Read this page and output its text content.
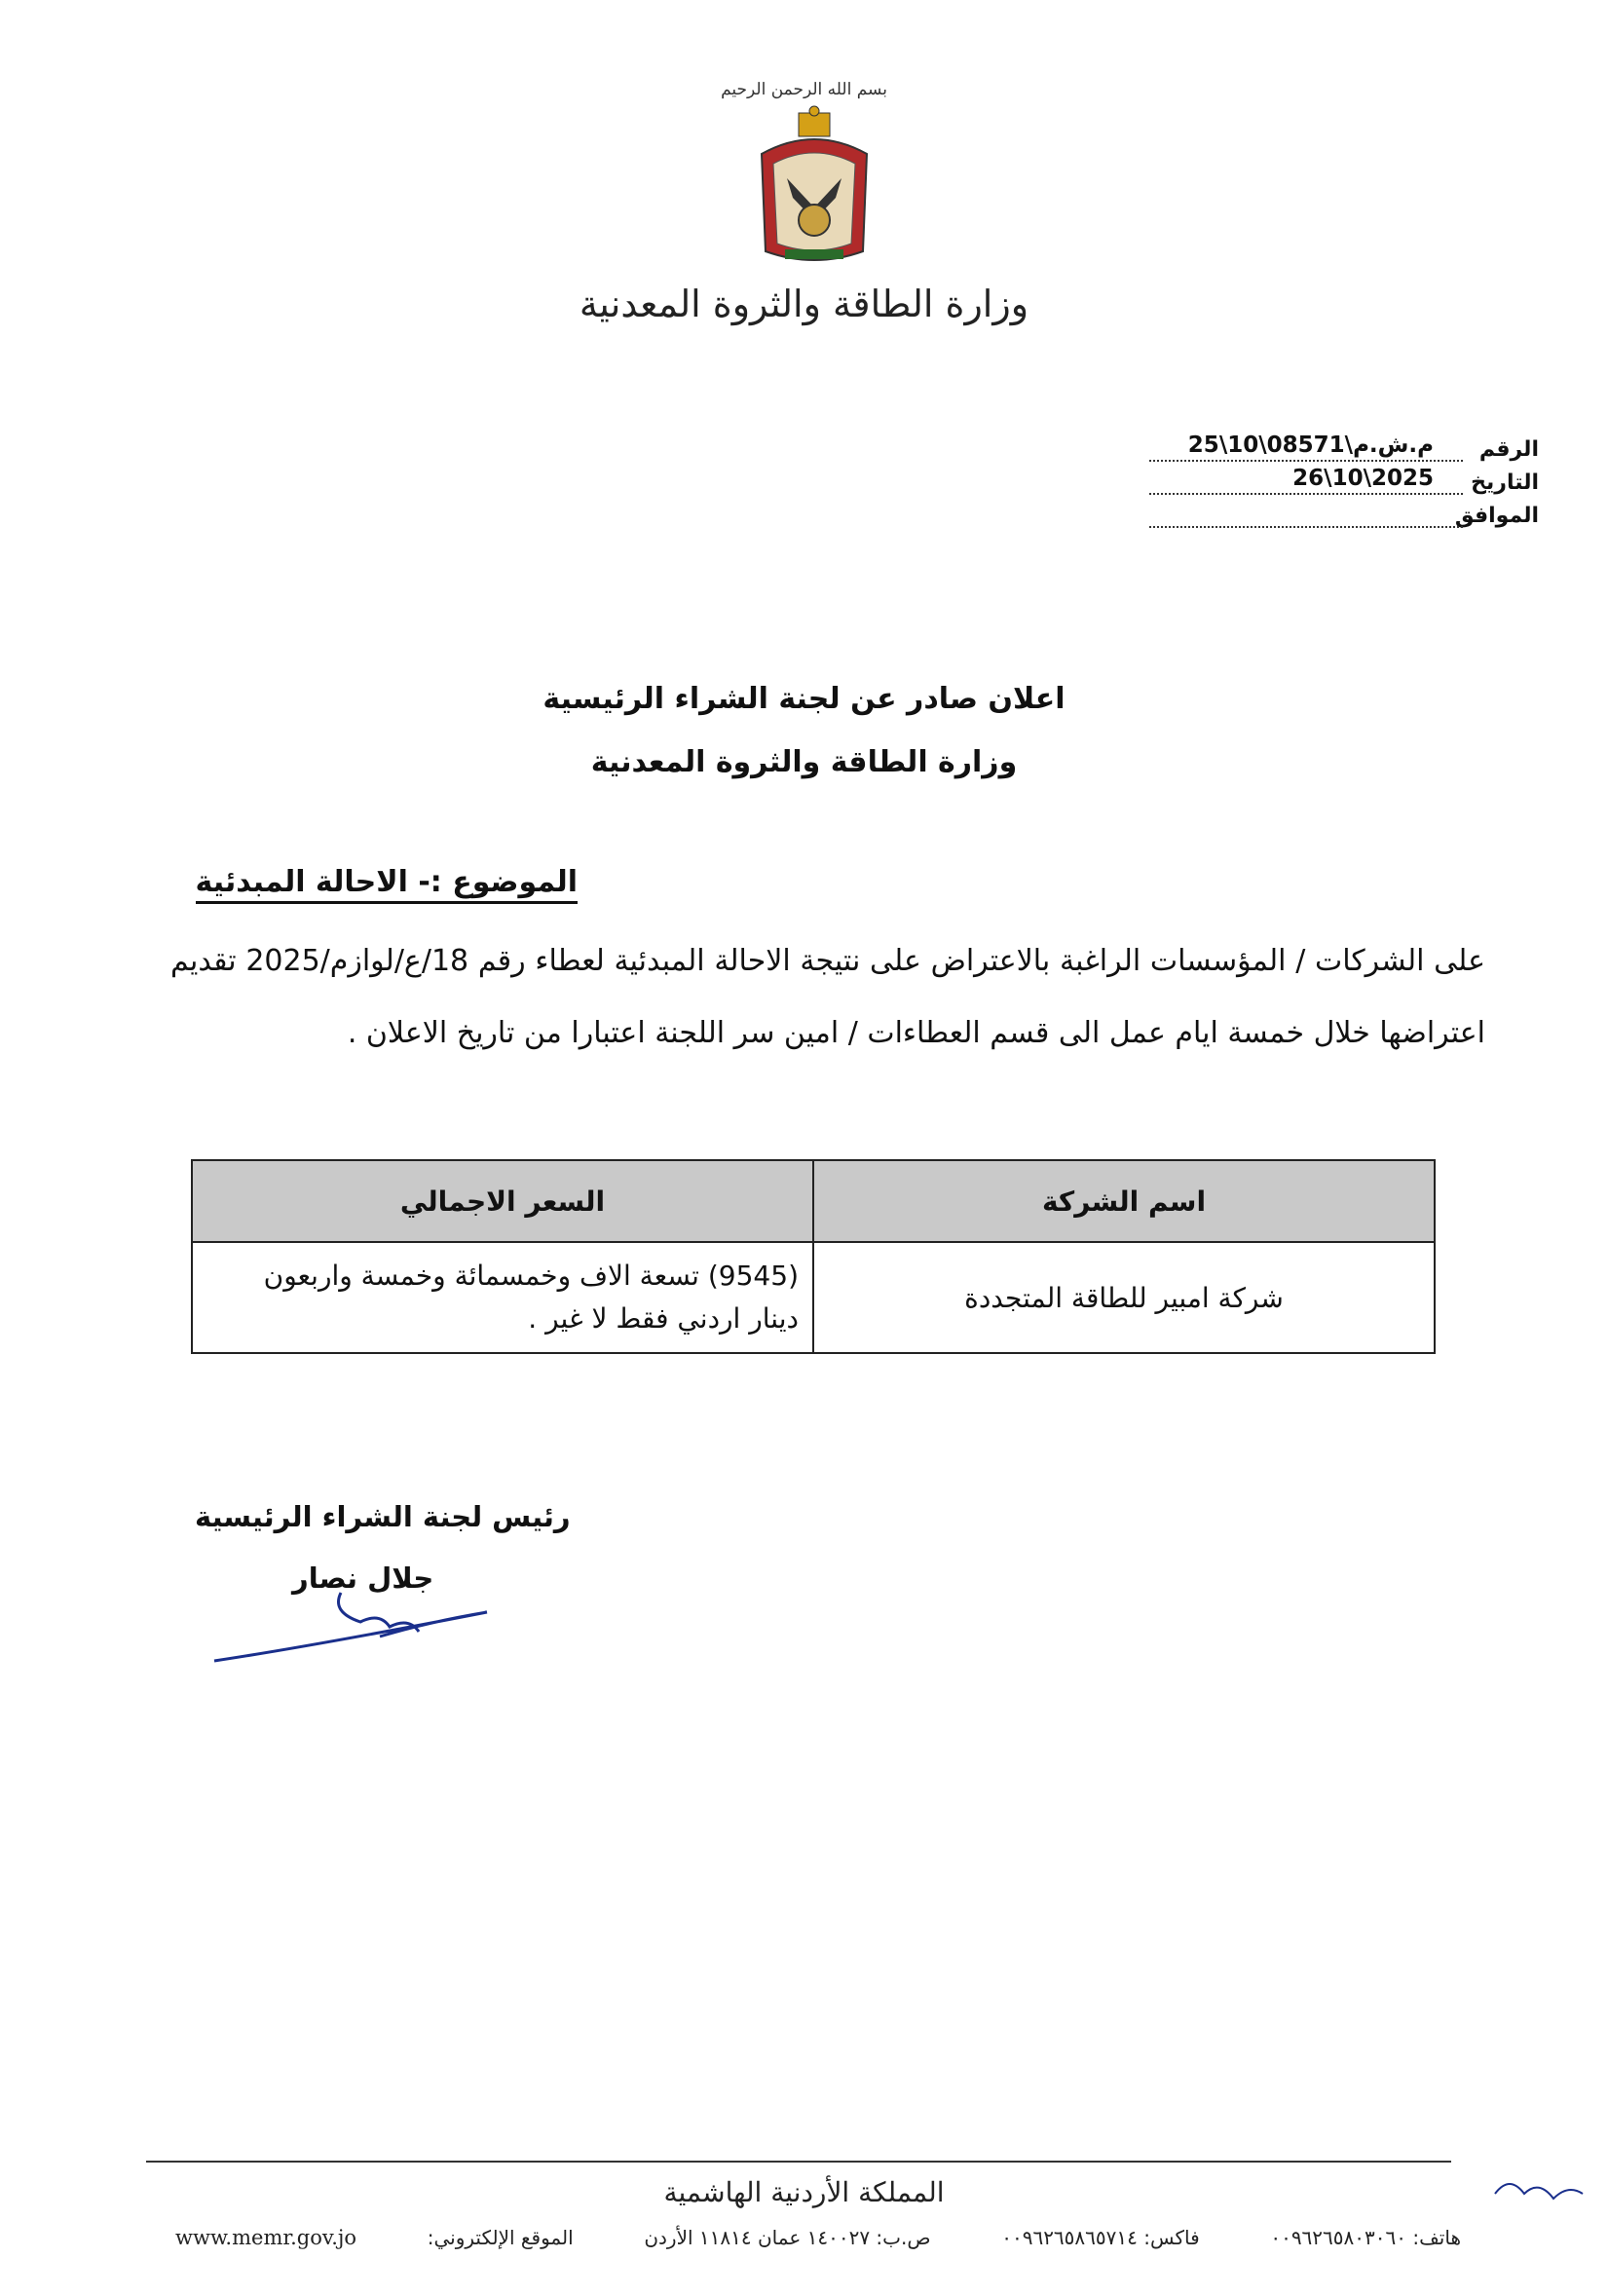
بسم الله الرحمن الرحيم
وزارة الطاقة والثروة المعدنية
الرقم
م.ش.م\08571\10\25
التاريخ
2025\10\26
الموافق
اعلان صادر عن لجنة الشراء الرئيسية
وزارة الطاقة والثروة المعدنية
الموضوع :- الاحالة المبدئية
على الشركات / المؤسسات الراغبة بالاعتراض على نتيجة الاحالة المبدئية لعطاء رقم 18/ع/لوازم/2025 تقديم اعتراضها خلال خمسة ايام عمل الى قسم العطاءات / امين سر اللجنة اعتبارا من تاريخ الاعلان .
اسم الشركة	السعر الاجمالي
شركة امبير للطاقة المتجددة	(9545) تسعة الاف وخمسمائة وخمسة واربعون دينار اردني فقط لا غير .
رئيس لجنة الشراء الرئيسية
جلال نصار
المملكة الأردنية الهاشمية
هاتف: ٠٠٩٦٢٦٥٨٠٣٠٦٠
فاكس: ٠٠٩٦٢٦٥٨٦٥٧١٤
ص.ب: ١٤٠٠٢٧ عمان ١١٨١٤ الأردن
الموقع الإلكتروني:
www.memr.gov.jo
